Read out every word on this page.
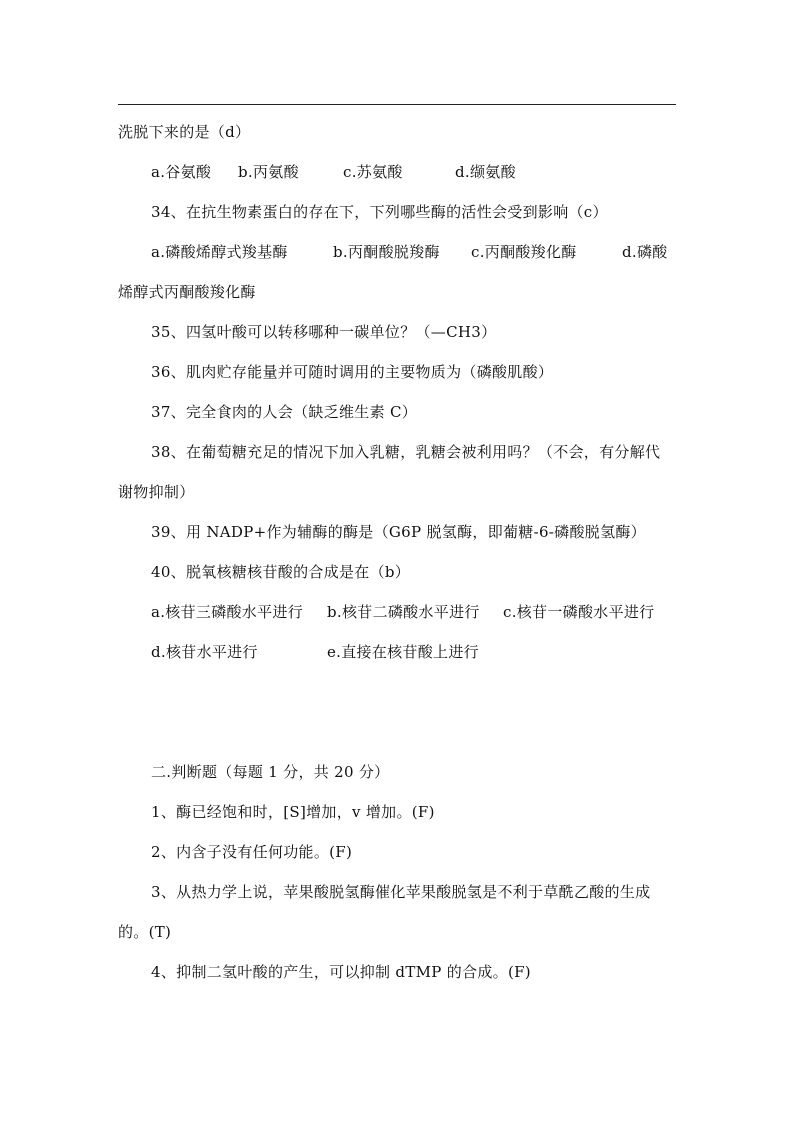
洗脱下来的是（d）
a.谷氨酸 b.丙氨酸	c.苏氨酸	d.缬氨酸
34、在抗生物素蛋白的存在下，下列哪些酶的活性会受到影响（c）
a.磷酸烯醇式羧基酶	b.丙酮酸脱羧酶 c.丙酮酸羧化酶	d.磷酸
烯醇式丙酮酸羧化酶
35、四氢叶酸可以转移哪种一碳单位？（—CH3）
36、肌肉贮存能量并可随时调用的主要物质为（磷酸肌酸）
37、完全食肉的人会（缺乏维生素 C）
38、在葡萄糖充足的情况下加入乳糖，乳糖会被利用吗？（不会，有分解代
谢物抑制）
39、用 NADP+作为辅酶的酶是（G6P 脱氢酶，即葡糖-6-磷酸脱氢酶）
40、脱氧核糖核苷酸的合成是在（b）
a.核苷三磷酸水平进行 b.核苷二磷酸水平进行 c.核苷一磷酸水平进行
d.核苷水平进行	e.直接在核苷酸上进行
二.判断题（每题 1 分，共 20 分）
1、酶已经饱和时，[S]增加，v 增加。(F)
2、内含子没有任何功能。(F)
3、从热力学上说，苹果酸脱氢酶催化苹果酸脱氢是不利于草酰乙酸的生成
的。(T)
4、抑制二氢叶酸的产生，可以抑制 dTMP 的合成。(F)
